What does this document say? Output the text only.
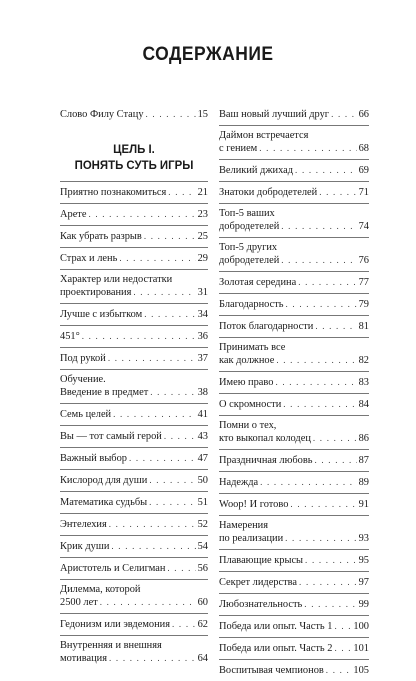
СОДЕРЖАНИЕ
Слово Филу Стацу . . .	15
ЦЕЛЬ I.
ПОНЯТЬ СУТЬ ИГРЫ
Приятно познакомиться . . .	21
Арете . . .	23
Как убрать разрыв . . .	25
Страх и лень . . .	29
Характер или недостатки
проектирования . . .	31
Лучше с избытком . . .	34
451° . . .	36
Под рукой . . .	37
Обучение.
Введение в предмет . . .	38
Семь целей . . .	41
Вы — тот самый герой . . .	43
Важный выбор . . .	47
Кислород для души . . .	50
Математика судьбы . . .	51
Энтелехия . . .	52
Крик души . . .	54
Аристотель и Селигман . . .	56
Дилемма, которой
2500 лет . . .	60
Гедонизм или эвдемония . . .	62
Внутренняя и внешняя
мотивация . . .	64
Ваш новый лучший друг . . .	66
Даймон встречается
с гением . . .	68
Великий джихад . . .	69
Знатоки добродетелей . . .	71
Топ-5 ваших
добродетелей . . .	74
Топ-5 других
добродетелей . . .	76
Золотая середина . . .	77
Благодарность . . .	79
Поток благодарности . . .	81
Принимать все
как должное . . .	82
Имею право . . .	83
О скромности . . .	84
Помни о тех,
кто выкопал колодец . . .	86
Праздничная любовь . . .	87
Надежда . . .	89
Woop! И готово . . .	91
Намерения
по реализации . . .	93
Плавающие крысы . . .	95
Секрет лидерства . . .	97
Любознательность . . .	99
Победа или опыт. Часть 1 . . . 100
Победа или опыт. Часть 2 . . . 101
Воспитывая чемпионов . . .	105
